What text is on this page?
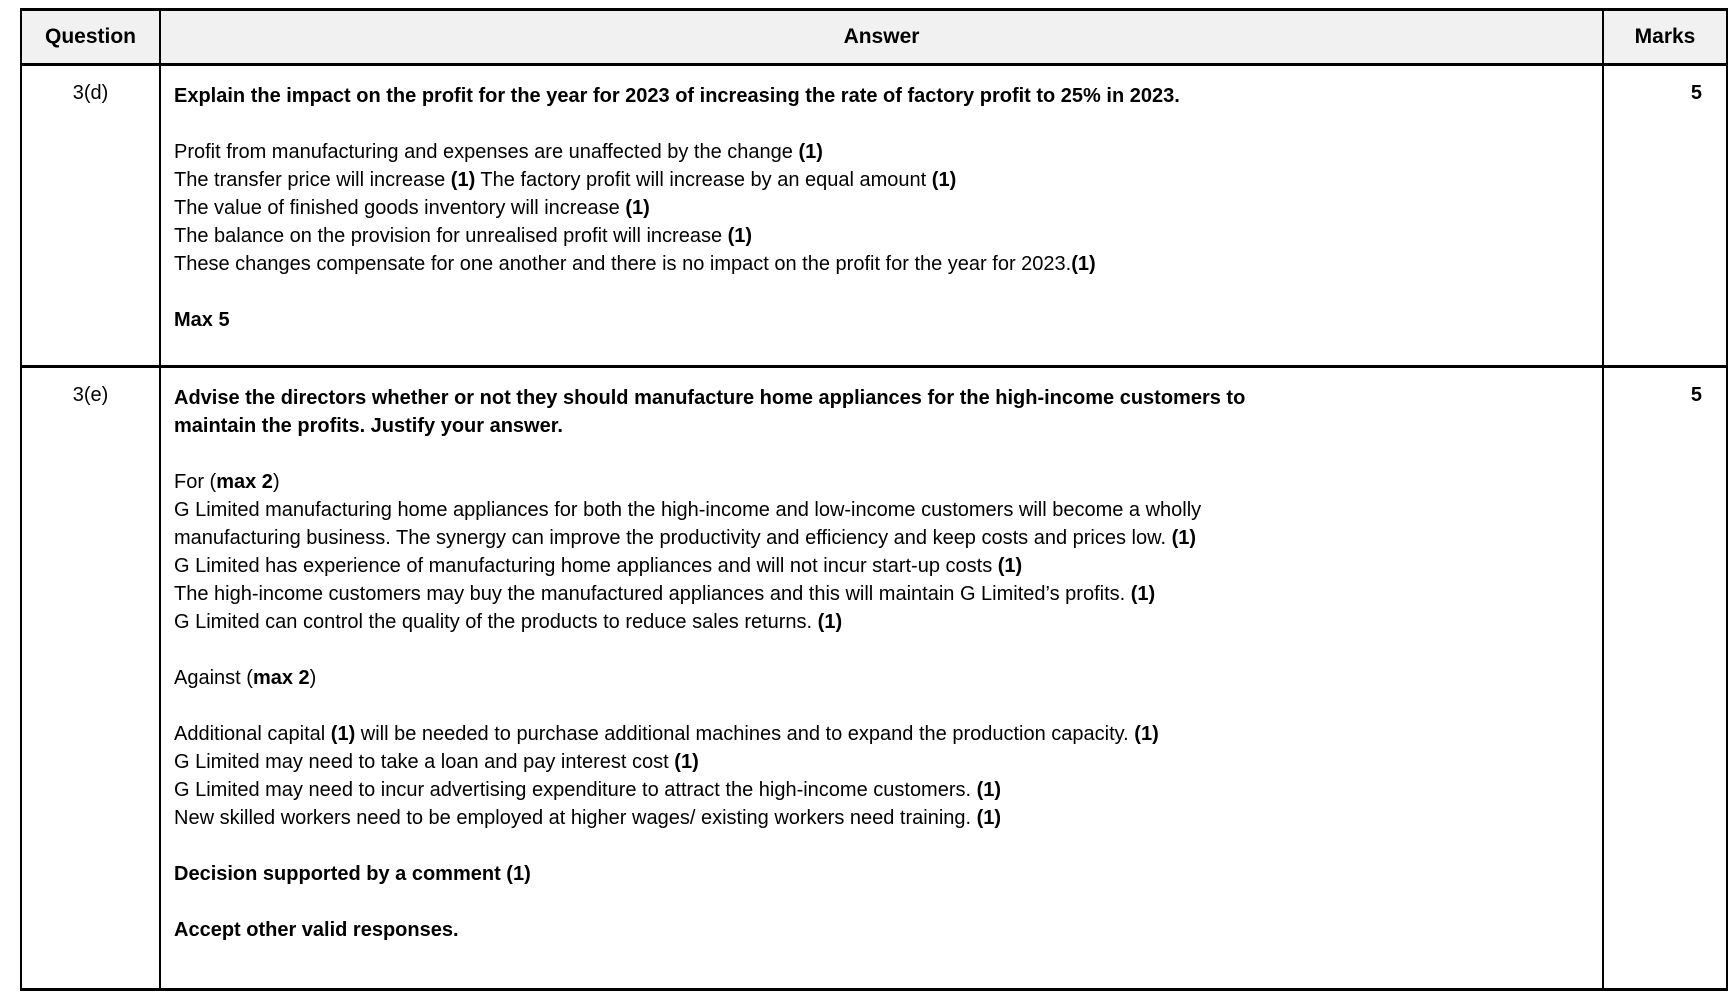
Question	Answer	Marks
3(d)	Explain the impact on the profit for the year for 2023 of increasing the rate of factory profit to 25% in 2023.

Profit from manufacturing and expenses are unaffected by the change (1)

The transfer price will increase (1) The factory profit will increase by an equal amount (1)

The value of finished goods inventory will increase (1)

The balance on the provision for unrealised profit will increase (1)

These changes compensate for one another and there is no impact on the profit for the year for 2023.(1)

Max 5

	5
3(e)	Advise the directors whether or not they should manufacture home appliances for the high-income customers to

maintain the profits. Justify your answer.

For (max 2)

G Limited manufacturing home appliances for both the high-income and low-income customers will become a wholly

manufacturing business. The synergy can improve the productivity and efficiency and keep costs and prices low. (1)

G Limited has experience of manufacturing home appliances and will not incur start-up costs (1)

The high-income customers may buy the manufactured appliances and this will maintain G Limited’s profits. (1)

G Limited can control the quality of the products to reduce sales returns. (1)

Against (max 2)

Additional capital (1) will be needed to purchase additional machines and to expand the production capacity. (1)

G Limited may need to take a loan and pay interest cost (1)

G Limited may need to incur advertising expenditure to attract the high-income customers. (1)

New skilled workers need to be employed at higher wages/ existing workers need training. (1)

Decision supported by a comment (1)

Accept other valid responses.

	5
